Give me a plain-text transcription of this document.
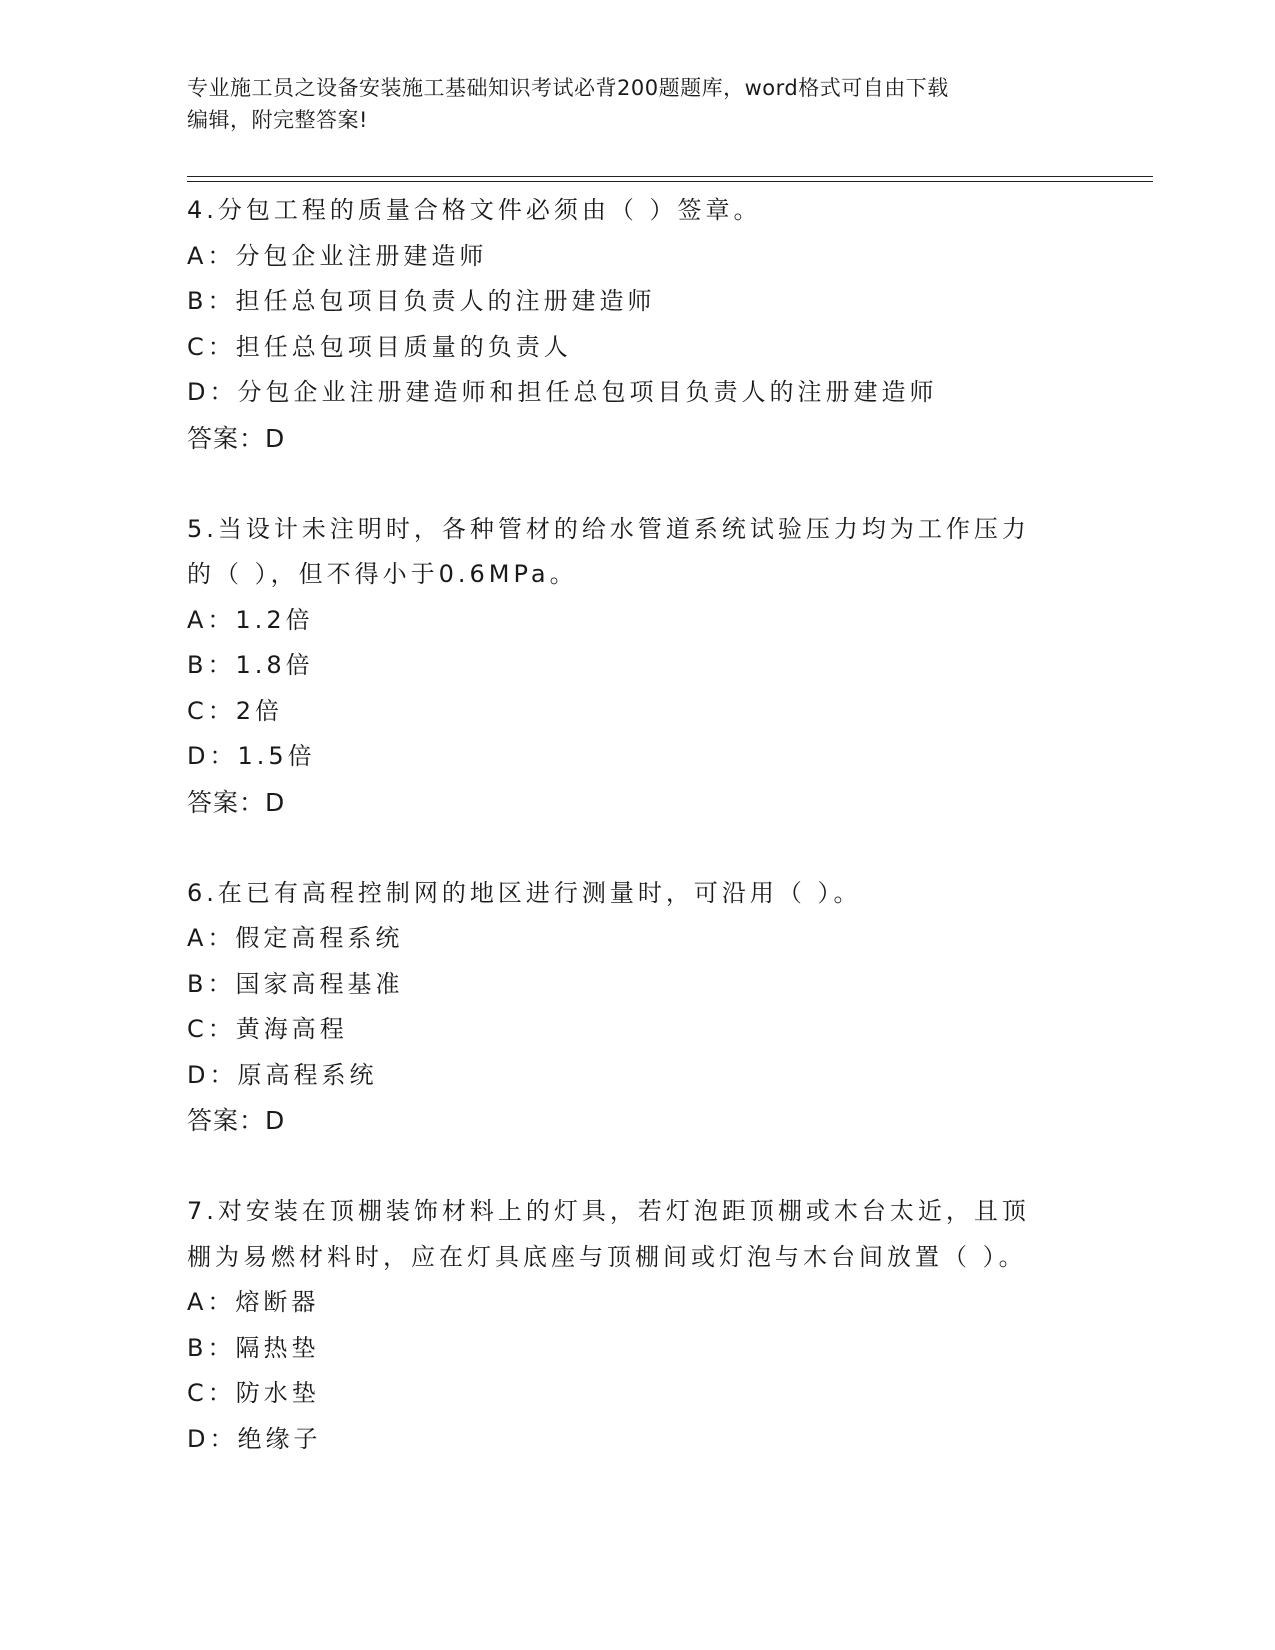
专业施工员之设备安装施工基础知识考试必背200题题库，word格式可自由下载
编辑，附完整答案!
4.分包工程的质量合格文件必须由（ ）签章。
A：分包企业注册建造师
B：担任总包项目负责人的注册建造师
C：担任总包项目质量的负责人
D：分包企业注册建造师和担任总包项目负责人的注册建造师
答案：D
5.当设计未注明时，各种管材的给水管道系统试验压力均为工作压力
的（ ），但不得小于0.6MPa。
A：1.2倍
B：1.8倍
C：2倍
D：1.5倍
答案：D
6.在已有高程控制网的地区进行测量时，可沿用（ ）。
A：假定高程系统
B：国家高程基准
C：黄海高程
D：原高程系统
答案：D
7.对安装在顶棚装饰材料上的灯具，若灯泡距顶棚或木台太近，且顶
棚为易燃材料时，应在灯具底座与顶棚间或灯泡与木台间放置（ ）。
A：熔断器
B：隔热垫
C：防水垫
D：绝缘子
